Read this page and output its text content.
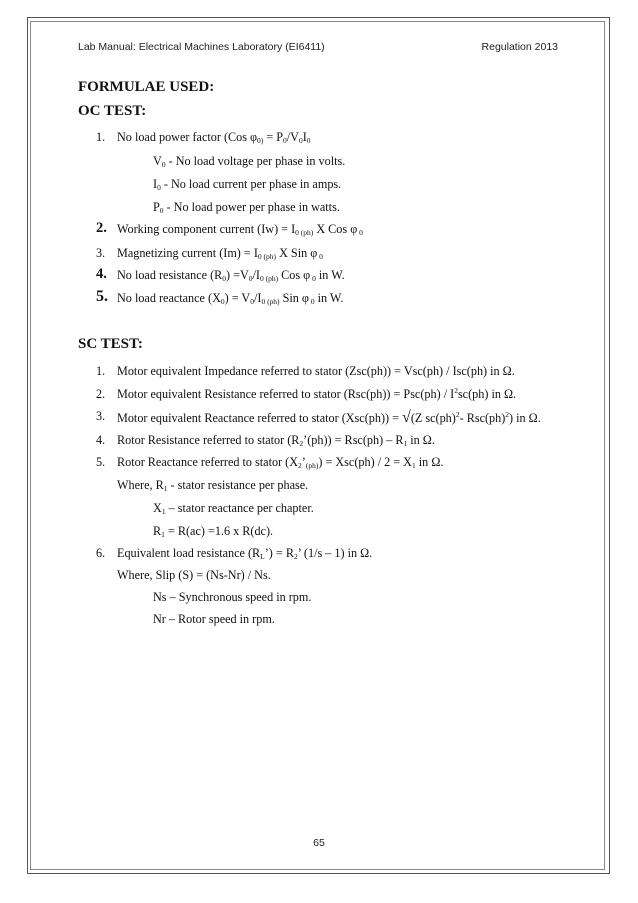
Lab Manual: Electrical Machines Laboratory (EI6411)	Regulation 2013
FORMULAE USED:
OC TEST:
1. No load power factor (Cos $\varphi_{0)} = P_0/V_0I_0$
$V_0$ - No load voltage per phase in volts.
$I_0$ - No load current per phase in amps.
$P_0$ - No load power per phase in watts.
2. Working component current $(Iw) = I_{0 (ph)}$ X Cos φ $_0$
3. Magnetizing current $(Im) = I_{0 (ph)}$ X Sin φ $_0$
4. No load resistance $(R_0) =V_0/I_{0 (ph)}$ Cos φ $_0$ in W.
5. No load reactance $(X_0) = V_0/I_{0 (ph)}$ Sin φ $_0$ in W.
SC TEST:
1. Motor equivalent Impedance referred to stator (Zsc(ph)) = Vsc(ph) / Isc(ph) in Ω.
2. Motor equivalent Resistance referred to stator $(Rsc(ph)) = Psc(ph) / I^2sc(ph)$ in Ω.
3. Motor equivalent Reactance referred to stator (Xsc(ph)) = √(Z sc(ph)$^2$- Rsc(ph)$^2$) in Ω.
4. Rotor Resistance referred to stator $(R_2’(ph)) = Rsc(ph) - R_1$ in Ω.
5. Rotor Reactance referred to stator $(X_2’_{(ph)}) = Xsc(ph) / 2 = X_1$ in Ω.
Where, $R_1$ - stator resistance per phase.
$X_1$ – stator reactance per chapter.
$R_1 = R(ac) =1.6$ x R(dc).
6. Equivalent load resistance $(R_L’) = R_2$’ (1/s – 1) in Ω.
Where, Slip (S) = (Ns-Nr) / Ns.
Ns – Synchronous speed in rpm.
Nr – Rotor speed in rpm.
65
